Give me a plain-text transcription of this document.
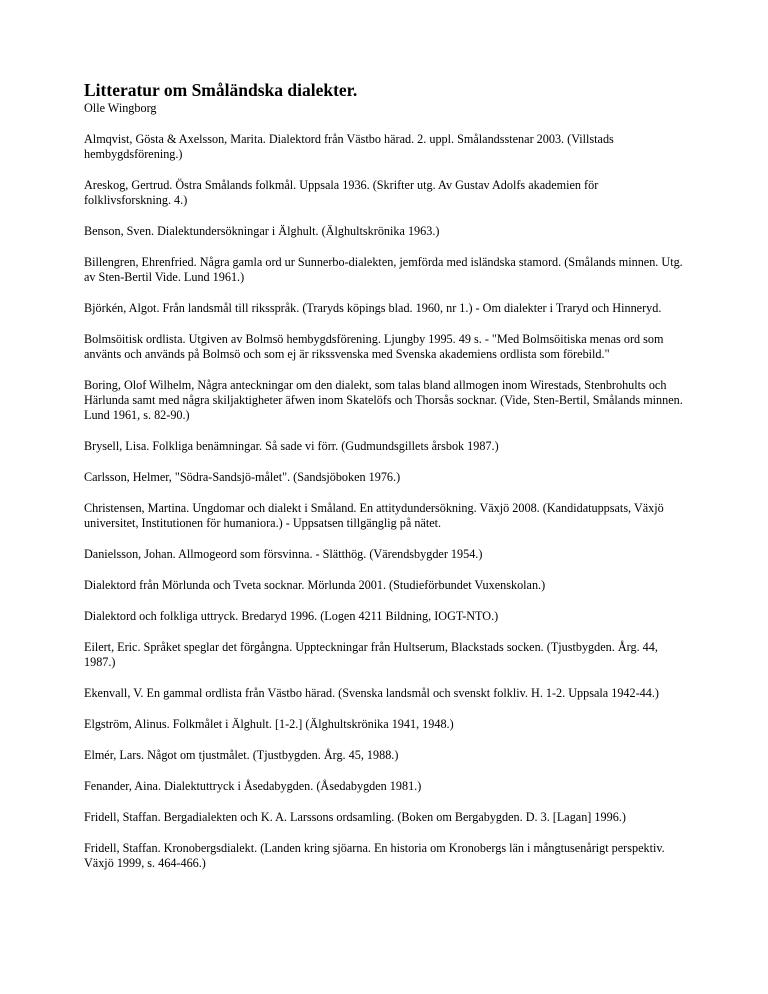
Litteratur om Småländska dialekter.

Olle Wingborg

Almqvist, Gösta & Axelsson, Marita. Dialektord från Västbo härad. 2. uppl. Smålandsstenar 2003. (Villstads hembygdsförening.)

Areskog, Gertrud. Östra Smålands folkmål. Uppsala 1936. (Skrifter utg. Av Gustav Adolfs akademien för folklivsforskning. 4.)

Benson, Sven. Dialektundersökningar i Älghult. (Älghultskrönika 1963.)

Billengren, Ehrenfried. Några gamla ord ur Sunnerbo-dialekten, jemförda med isländska stamord. (Smålands minnen. Utg. av Sten-Bertil Vide. Lund 1961.)

Björkén, Algot. Från landsmål till riksspråk. (Traryds köpings blad. 1960, nr 1.) - Om dialekter i Traryd och Hinneryd.

Bolmsöitisk ordlista. Utgiven av Bolmsö hembygdsförening. Ljungby 1995. 49 s. - "Med Bolmsöitiska menas ord som använts och används på Bolmsö och som ej är rikssvenska med Svenska akademiens ordlista som förebild."

Boring, Olof Wilhelm, Några anteckningar om den dialekt, som talas bland allmogen inom Wirestads, Stenbrohults och Härlunda samt med några skiljaktigheter äfwen inom Skatelöfs och Thorsås socknar. (Vide, Sten-Bertil, Smålands minnen. Lund 1961, s. 82-90.)

Brysell, Lisa. Folkliga benämningar. Så sade vi förr. (Gudmundsgillets årsbok 1987.)

Carlsson, Helmer, "Södra-Sandsjö-målet". (Sandsjöboken 1976.)

Christensen, Martina. Ungdomar och dialekt i Småland. En attitydundersökning. Växjö 2008. (Kandidatuppsats, Växjö universitet, Institutionen för humaniora.) - Uppsatsen tillgänglig på nätet.

Danielsson, Johan. Allmogeord som försvinna. - Slätthög. (Värendsbygder 1954.)

Dialektord från Mörlunda och Tveta socknar. Mörlunda 2001. (Studieförbundet Vuxenskolan.)

Dialektord och folkliga uttryck. Bredaryd 1996. (Logen 4211 Bildning, IOGT-NTO.)

Eilert, Eric. Språket speglar det förgångna. Uppteckningar från Hultserum, Blackstads socken. (Tjustbygden. Årg. 44, 1987.)

Ekenvall, V. En gammal ordlista från Västbo härad. (Svenska landsmål och svenskt folkliv. H. 1-2. Uppsala 1942-44.)

Elgström, Alinus. Folkmålet i Älghult. [1-2.] (Älghultskrönika 1941, 1948.)

Elmér, Lars. Något om tjustmålet. (Tjustbygden. Årg. 45, 1988.)

Fenander, Aina. Dialektuttryck i Åsedabygden. (Åsedabygden 1981.)

Fridell, Staffan. Bergadialekten och K. A. Larssons ordsamling. (Boken om Bergabygden. D. 3. [Lagan] 1996.)

Fridell, Staffan. Kronobergsdialekt. (Landen kring sjöarna. En historia om Kronobergs län i mångtusenårigt perspektiv. Växjö 1999, s. 464-466.)
